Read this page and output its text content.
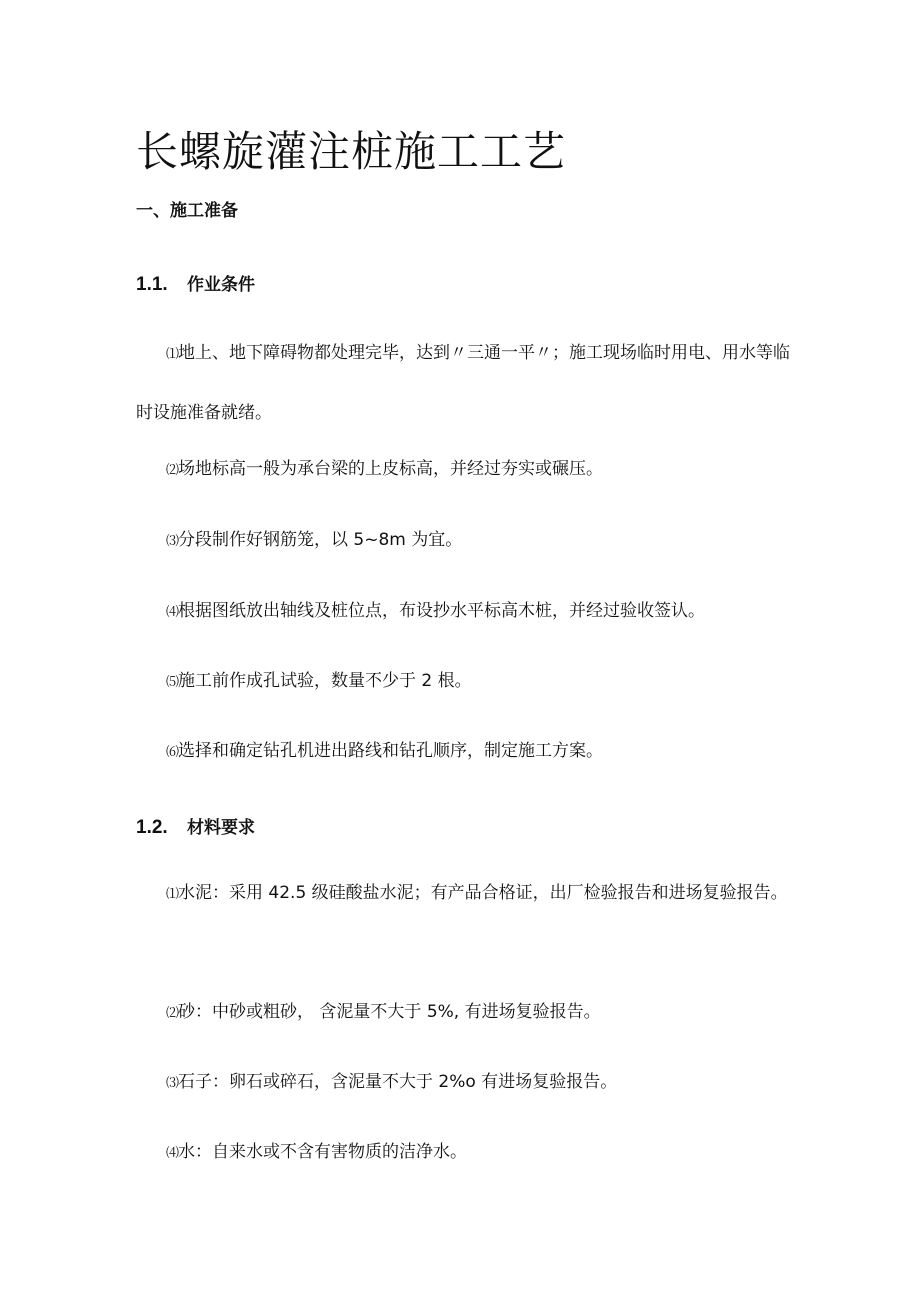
长螺旋灌注桩施工工艺
一、施工准备
1.1. 作业条件

⑴地上、地下障碍物都处理完毕，达到〃三通一平〃；施工现场临时用电、用水等临时设施准备就绪。

⑵场地标高一般为承台梁的上皮标高，并经过夯实或碾压。

⑶分段制作好钢筋笼，以 5~8m 为宜。

⑷根据图纸放出轴线及桩位点，布设抄水平标高木桩，并经过验收签认。

⑸施工前作成孔试验，数量不少于 2 根。

⑹选择和确定钻孔机进出路线和钻孔顺序，制定施工方案。

1.2. 材料要求

⑴水泥：采用 42.5 级硅酸盐水泥；有产品合格证，出厂检验报告和进场复验报告。

⑵砂：中砂或粗砂， 含泥量不大于 5%, 有进场复验报告。

⑶石子：卵石或碎石，含泥量不大于 2%o 有进场复验报告。

⑷水：自来水或不含有害物质的洁净水。
